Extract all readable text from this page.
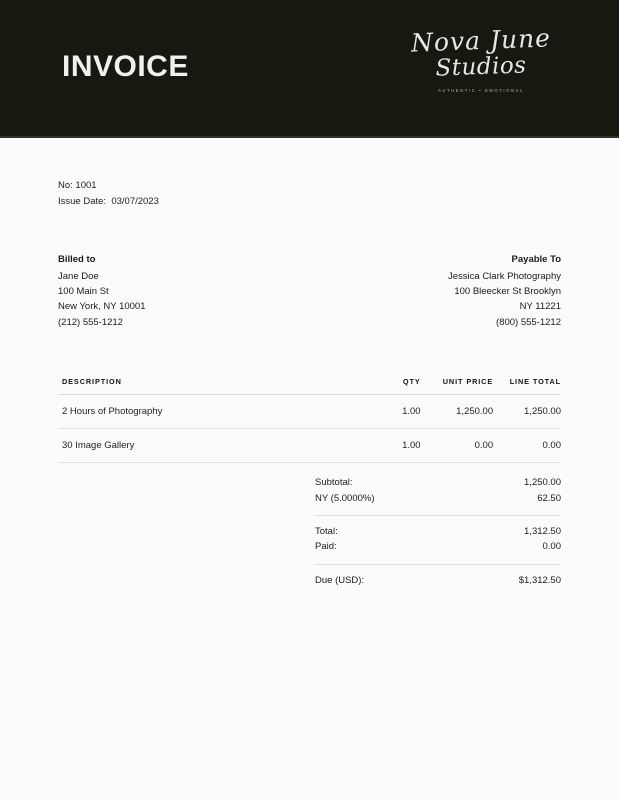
INVOICE
Nova June
Studios
AUTHENTIC • EMOTIONAL
No: 1001
Issue Date:  03/07/2023
Billed to
Jane Doe
100 Main St
New York, NY 10001
(212) 555-1212
Payable To
Jessica Clark Photography
100 Bleecker St Brooklyn
NY 11221
(800) 555-1212
DESCRIPTION	QTY	UNIT PRICE	LINE TOTAL
2 Hours of Photography	1.00	1,250.00	1,250.00
30 Image Gallery	1.00	0.00	0.00
Subtotal:	1,250.00
NY (5.0000%)	62.50
Total:	1,312.50
Paid:	0.00
Due (USD):	$1,312.50
